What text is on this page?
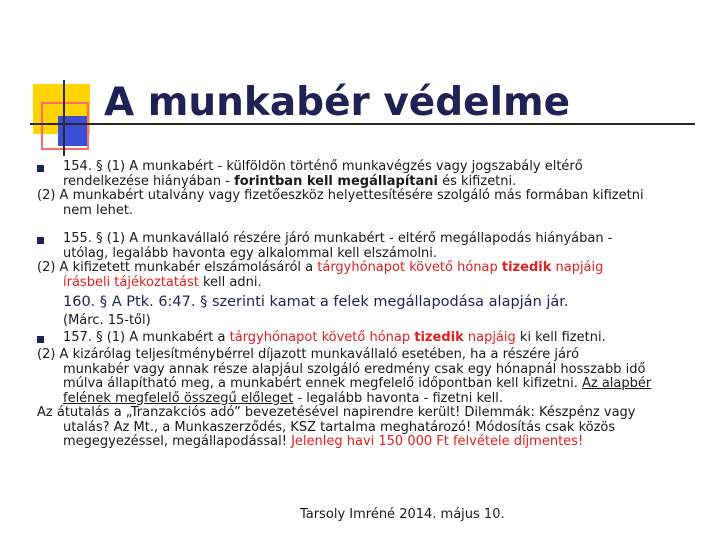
A munkabér védelme
154. § (1) A munkabért - külföldön történő munkavégzés vagy jogszabály eltérő
rendelkezése hiányában - forintban kell megállapítani és kifizetni.
(2) A munkabért utalvány vagy fizetőeszköz helyettesítésére szolgáló más formában kifizetni
nem lehet.
155. § (1) A munkavállaló részére járó munkabért - eltérő megállapodás hiányában -
utólag, legalább havonta egy alkalommal kell elszámolni.
(2) A kifizetett munkabér elszámolásáról a tárgyhónapot követő hónap tizedik napjáig
írásbeli tájékoztatást kell adni.
160. § A Ptk. 6:47. § szerinti kamat a felek megállapodása alapján jár.
(Márc. 15-től)
157. § (1) A munkabért a tárgyhónapot követő hónap tizedik napjáig ki kell fizetni.
(2) A kizárólag teljesítménybérrel díjazott munkavállaló esetében, ha a részére járó
munkabér vagy annak része alapjául szolgáló eredmény csak egy hónapnál hosszabb idő
múlva állapítható meg, a munkabért ennek megfelelő időpontban kell kifizetni. Az alapbér
felének megfelelő összegű előleget - legalább havonta - fizetni kell.
Az átutalás a „Tranzakciós adó” bevezetésével napirendre került! Dilemmák: Készpénz vagy
utalás? Az Mt., a Munkaszerződés, KSZ tartalma meghatározó! Módosítás csak közös
megegyezéssel, megállapodással! Jelenleg havi 150 000 Ft felvétele díjmentes!
Tarsoly Imréné 2014. május 10.
